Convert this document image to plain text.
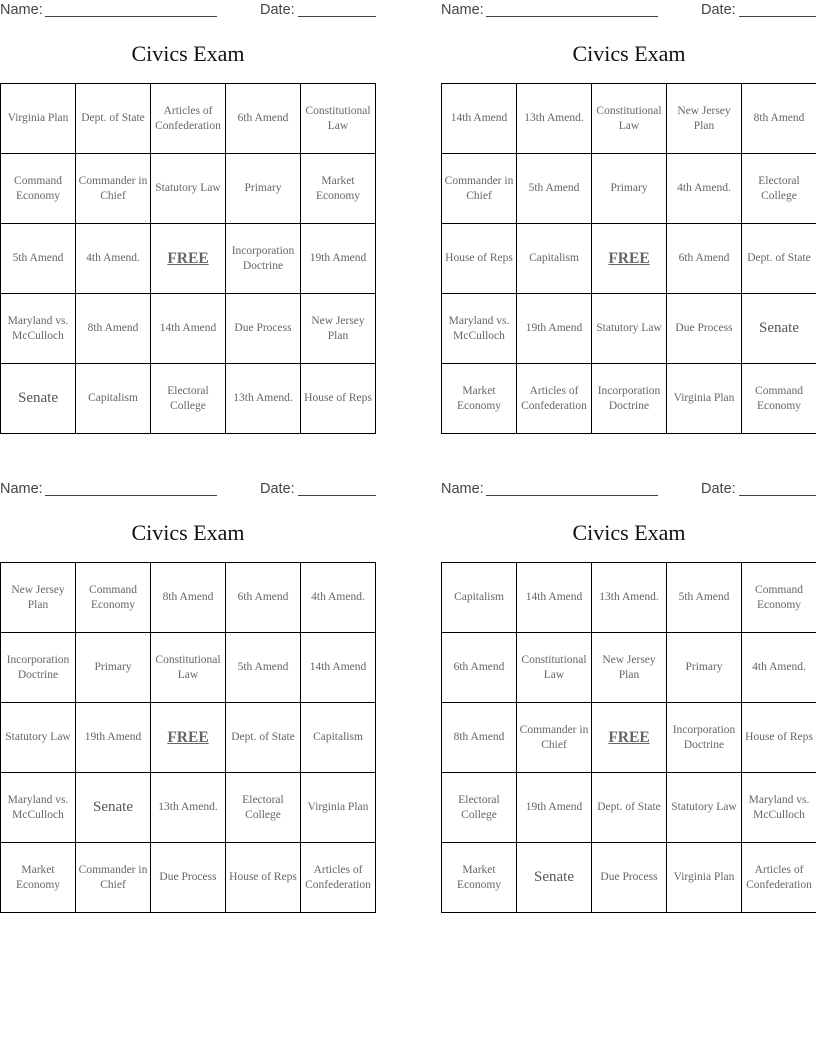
Name:	Date:
Civics Exam
Virginia Plan	Dept. of State	Articles of Confederation	6th Amend	Constitutional Law
Command Economy	Commander in Chief	Statutory Law	Primary	Market Economy
5th Amend	4th Amend.	FREE	Incorporation Doctrine	19th Amend
Maryland vs. McCulloch	8th Amend	14th Amend	Due Process	New Jersey Plan
Senate	Capitalism	Electoral College	13th Amend.	House of Reps
Name:	Date:
Civics Exam
14th Amend	13th Amend.	Constitutional Law	New Jersey Plan	8th Amend
Commander in Chief	5th Amend	Primary	4th Amend.	Electoral College
House of Reps	Capitalism	FREE	6th Amend	Dept. of State
Maryland vs. McCulloch	19th Amend	Statutory Law	Due Process	Senate
Market Economy	Articles of Confederation	Incorporation Doctrine	Virginia Plan	Command Economy
Name:	Date:
Civics Exam
New Jersey Plan	Command Economy	8th Amend	6th Amend	4th Amend.
Incorporation Doctrine	Primary	Constitutional Law	5th Amend	14th Amend
Statutory Law	19th Amend	FREE	Dept. of State	Capitalism
Maryland vs. McCulloch	Senate	13th Amend.	Electoral College	Virginia Plan
Market Economy	Commander in Chief	Due Process	House of Reps	Articles of Confederation
Name:	Date:
Civics Exam
Capitalism	14th Amend	13th Amend.	5th Amend	Command Economy
6th Amend	Constitutional Law	New Jersey Plan	Primary	4th Amend.
8th Amend	Commander in Chief	FREE	Incorporation Doctrine	House of Reps
Electoral College	19th Amend	Dept. of State	Statutory Law	Maryland vs. McCulloch
Market Economy	Senate	Due Process	Virginia Plan	Articles of Confederation
